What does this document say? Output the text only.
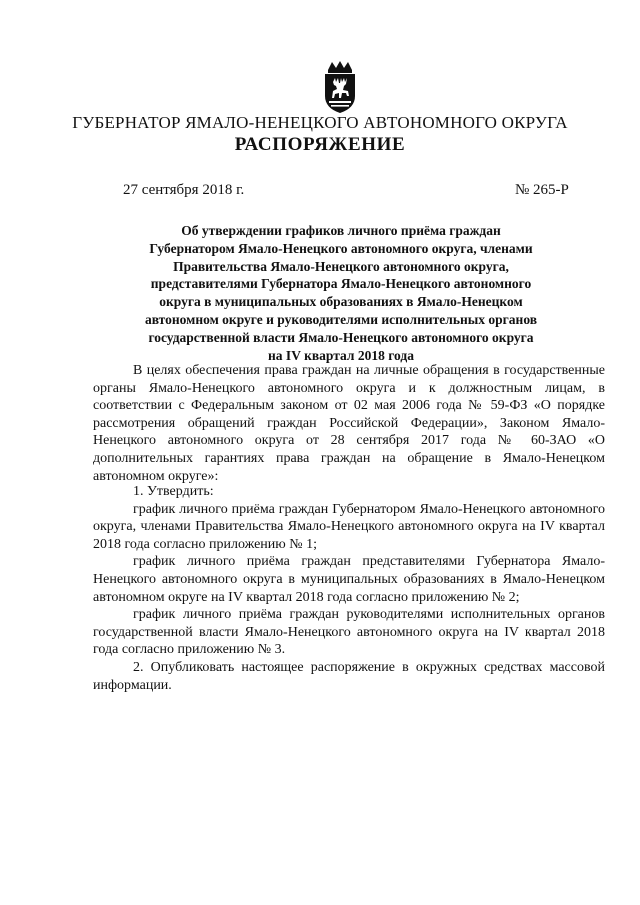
ГУБЕРНАТОР ЯМАЛО-НЕНЕЦКОГО АВТОНОМНОГО ОКРУГА
РАСПОРЯЖЕНИЕ
27 сентября 2018 г.	№ 265-Р
Об утверждении графиков личного приёма граждан
Губернатором Ямало-Ненецкого автономного округа, членами
Правительства Ямало-Ненецкого автономного округа,
представителями Губернатора Ямало-Ненецкого автономного
округа в муниципальных образованиях в Ямало-Ненецком
автономном округе и руководителями исполнительных органов
государственной власти Ямало-Ненецкого автономного округа
на IV квартал 2018 года

В целях обеспечения права граждан на личные обращения в государственные органы Ямало-Ненецкого автономного округа и к должностным лицам, в соответствии с Федеральным законом от 02 мая 2006 года № 59-ФЗ «О порядке рассмотрения обращений граждан Российской Федерации», Законом Ямало-Ненецкого автономного округа от 28 сентября 2017 года № 60-ЗАО «О дополнительных гарантиях права граждан на обращение в Ямало-Ненецком автономном округе»:

1. Утвердить:

график личного приёма граждан Губернатором Ямало-Ненецкого автономного округа, членами Правительства Ямало-Ненецкого автономного округа на IV квартал 2018 года согласно приложению № 1;

график личного приёма граждан представителями Губернатора Ямало-Ненецкого автономного округа в муниципальных образованиях в Ямало-Ненецком автономном округе на IV квартал 2018 года согласно приложению № 2;

график личного приёма граждан руководителями исполнительных органов государственной власти Ямало-Ненецкого автономного округа на IV квартал 2018 года согласно приложению № 3.

2. Опубликовать настоящее распоряжение в окружных средствах массовой информации.
